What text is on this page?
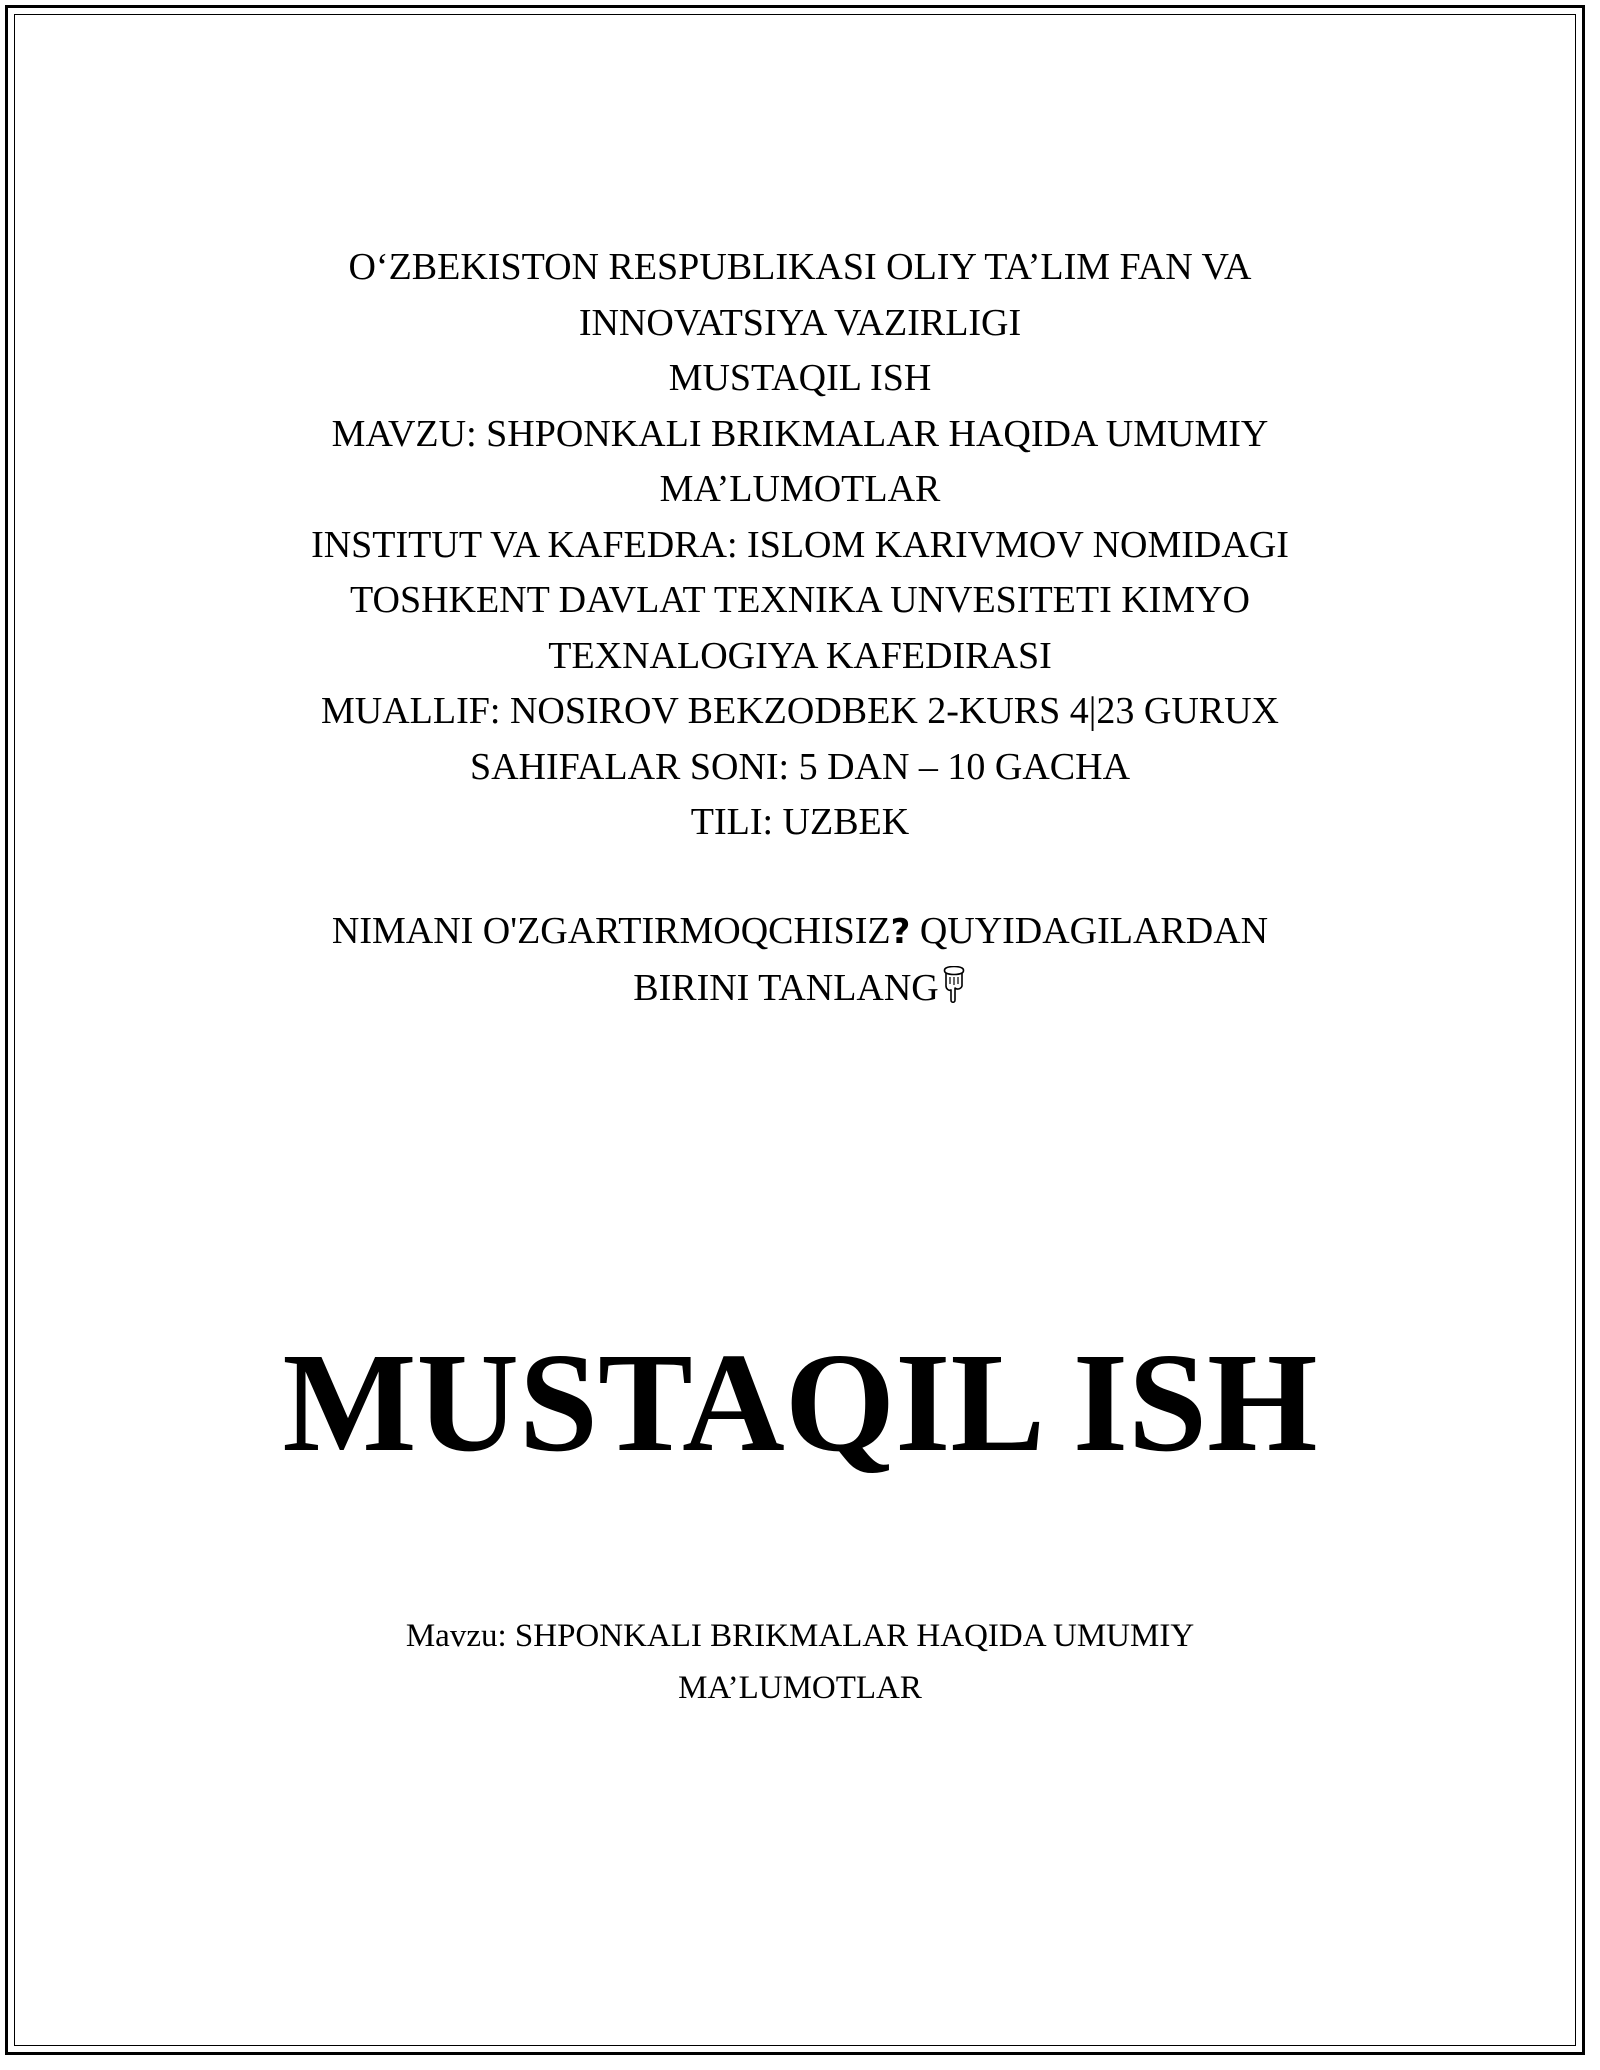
O‘ZBEKISTON RESPUBLIKASI OLIY TA’LIM FAN VA
INNOVATSIYA VAZIRLIGI
MUSTAQIL ISH
MAVZU: SHPONKALI BRIKMALAR HAQIDA UMUMIY
MA’LUMOTLAR
INSTITUT VA KAFEDRA: ISLOM KARIVMOV NOMIDAGI
TOSHKENT DAVLAT TEXNIKA UNVESITETI KIMYO
TEXNALOGIYA KAFEDIRASI
MUALLIF: NOSIROV BEKZODBEK 2-KURS 4|23 GURUX
SAHIFALAR SONI: 5 DAN – 10 GACHA
TILI: UZBEK
NIMANI O'ZGARTIRMOQCHISIZ? QUYIDAGILARDAN
BIRINI TANLANG
MUSTAQIL ISH
Mavzu: SHPONKALI BRIKMALAR HAQIDA UMUMIY
MA’LUMOTLAR
